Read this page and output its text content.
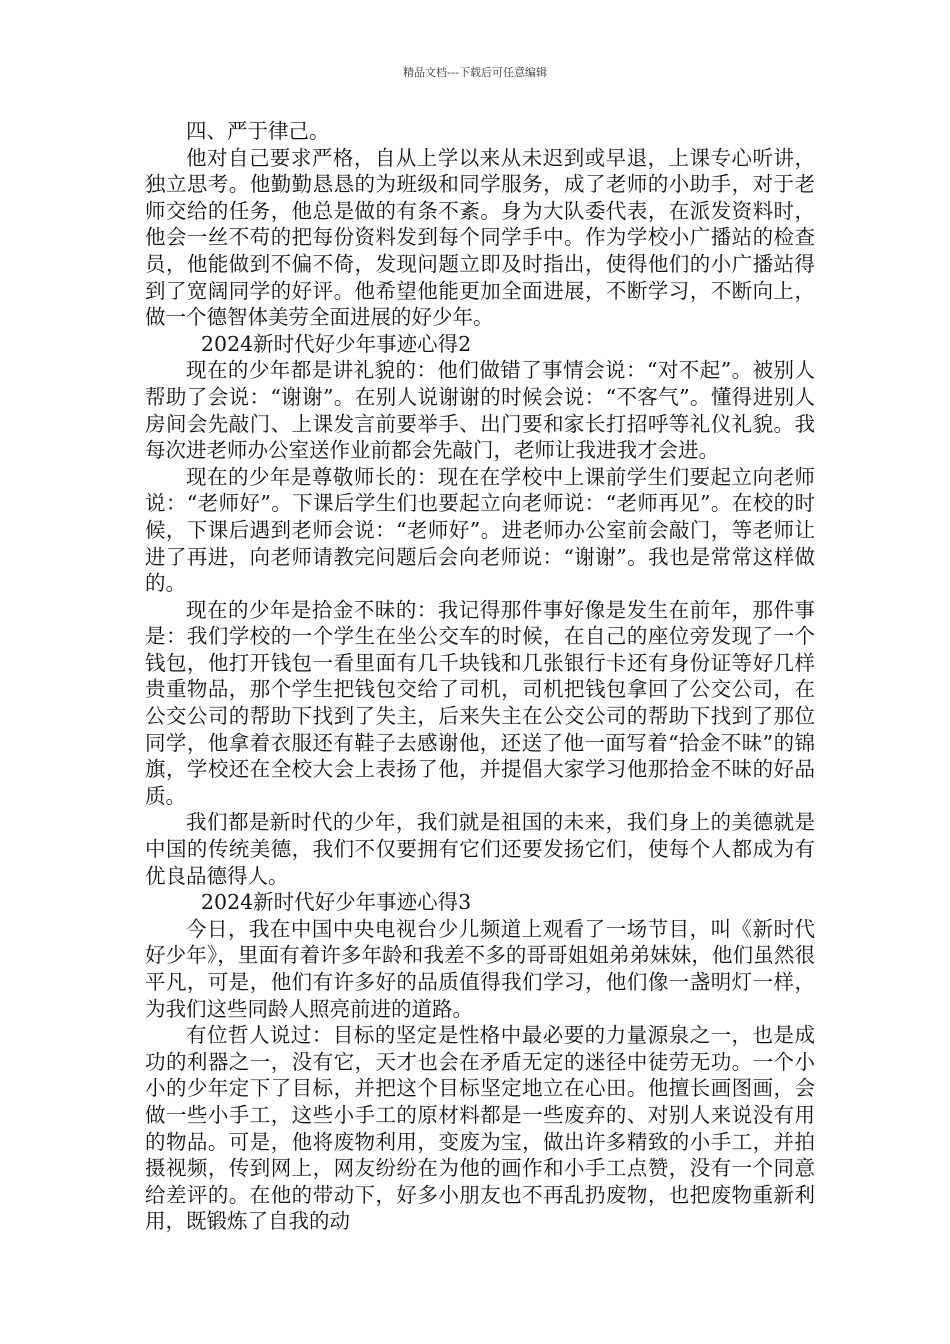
精品文档---下载后可任意编辑

四、严于律己。

他对自己要求严格，自从上学以来从未迟到或早退，上课专心听讲，独立思考。他勤勤恳恳的为班级和同学服务，成了老师的小助手，对于老师交给的任务，他总是做的有条不紊。身为大队委代表，在派发资料时，他会一丝不苟的把每份资料发到每个同学手中。作为学校小广播站的检查员，他能做到不偏不倚，发现问题立即及时指出，使得他们的小广播站得到了宽阔同学的好评。他希望他能更加全面进展，不断学习，不断向上，做一个德智体美劳全面进展的好少年。

2024新时代好少年事迹心得2

现在的少年都是讲礼貌的：他们做错了事情会说：“对不起”。被别人帮助了会说：“谢谢”。在别人说谢谢的时候会说：“不客气”。懂得进别人房间会先敲门、上课发言前要举手、出门要和家长打招呼等礼仪礼貌。我每次进老师办公室送作业前都会先敲门，老师让我进我才会进。

现在的少年是尊敬师长的：现在在学校中上课前学生们要起立向老师说：“老师好”。下课后学生们也要起立向老师说：“老师再见”。在校的时候，下课后遇到老师会说：“老师好”。进老师办公室前会敲门，等老师让进了再进，向老师请教完问题后会向老师说：“谢谢”。我也是常常这样做的。

现在的少年是拾金不昧的：我记得那件事好像是发生在前年，那件事是：我们学校的一个学生在坐公交车的时候，在自己的座位旁发现了一个钱包，他打开钱包一看里面有几千块钱和几张银行卡还有身份证等好几样贵重物品，那个学生把钱包交给了司机，司机把钱包拿回了公交公司，在公交公司的帮助下找到了失主，后来失主在公交公司的帮助下找到了那位同学，他拿着衣服还有鞋子去感谢他，还送了他一面写着“拾金不昧”的锦旗，学校还在全校大会上表扬了他，并提倡大家学习他那拾金不昧的好品质。

我们都是新时代的少年，我们就是祖国的未来，我们身上的美德就是中国的传统美德，我们不仅要拥有它们还要发扬它们，使每个人都成为有优良品德得人。

2024新时代好少年事迹心得3

今日，我在中国中央电视台少儿频道上观看了一场节目，叫《新时代好少年》，里面有着许多年龄和我差不多的哥哥姐姐弟弟妹妹，他们虽然很平凡，可是，他们有许多好的品质值得我们学习，他们像一盏明灯一样，为我们这些同龄人照亮前进的道路。

有位哲人说过：目标的坚定是性格中最必要的力量源泉之一，也是成功的利器之一，没有它，天才也会在矛盾无定的迷径中徒劳无功。一个小小的少年定下了目标，并把这个目标坚定地立在心田。他擅长画图画，会做一些小手工，这些小手工的原材料都是一些废弃的、对别人来说没有用的物品。可是，他将废物利用，变废为宝，做出许多精致的小手工，并拍摄视频，传到网上，网友纷纷在为他的画作和小手工点赞，没有一个同意给差评的。在他的带动下，好多小朋友也不再乱扔废物，也把废物重新利用，既锻炼了自我的动
